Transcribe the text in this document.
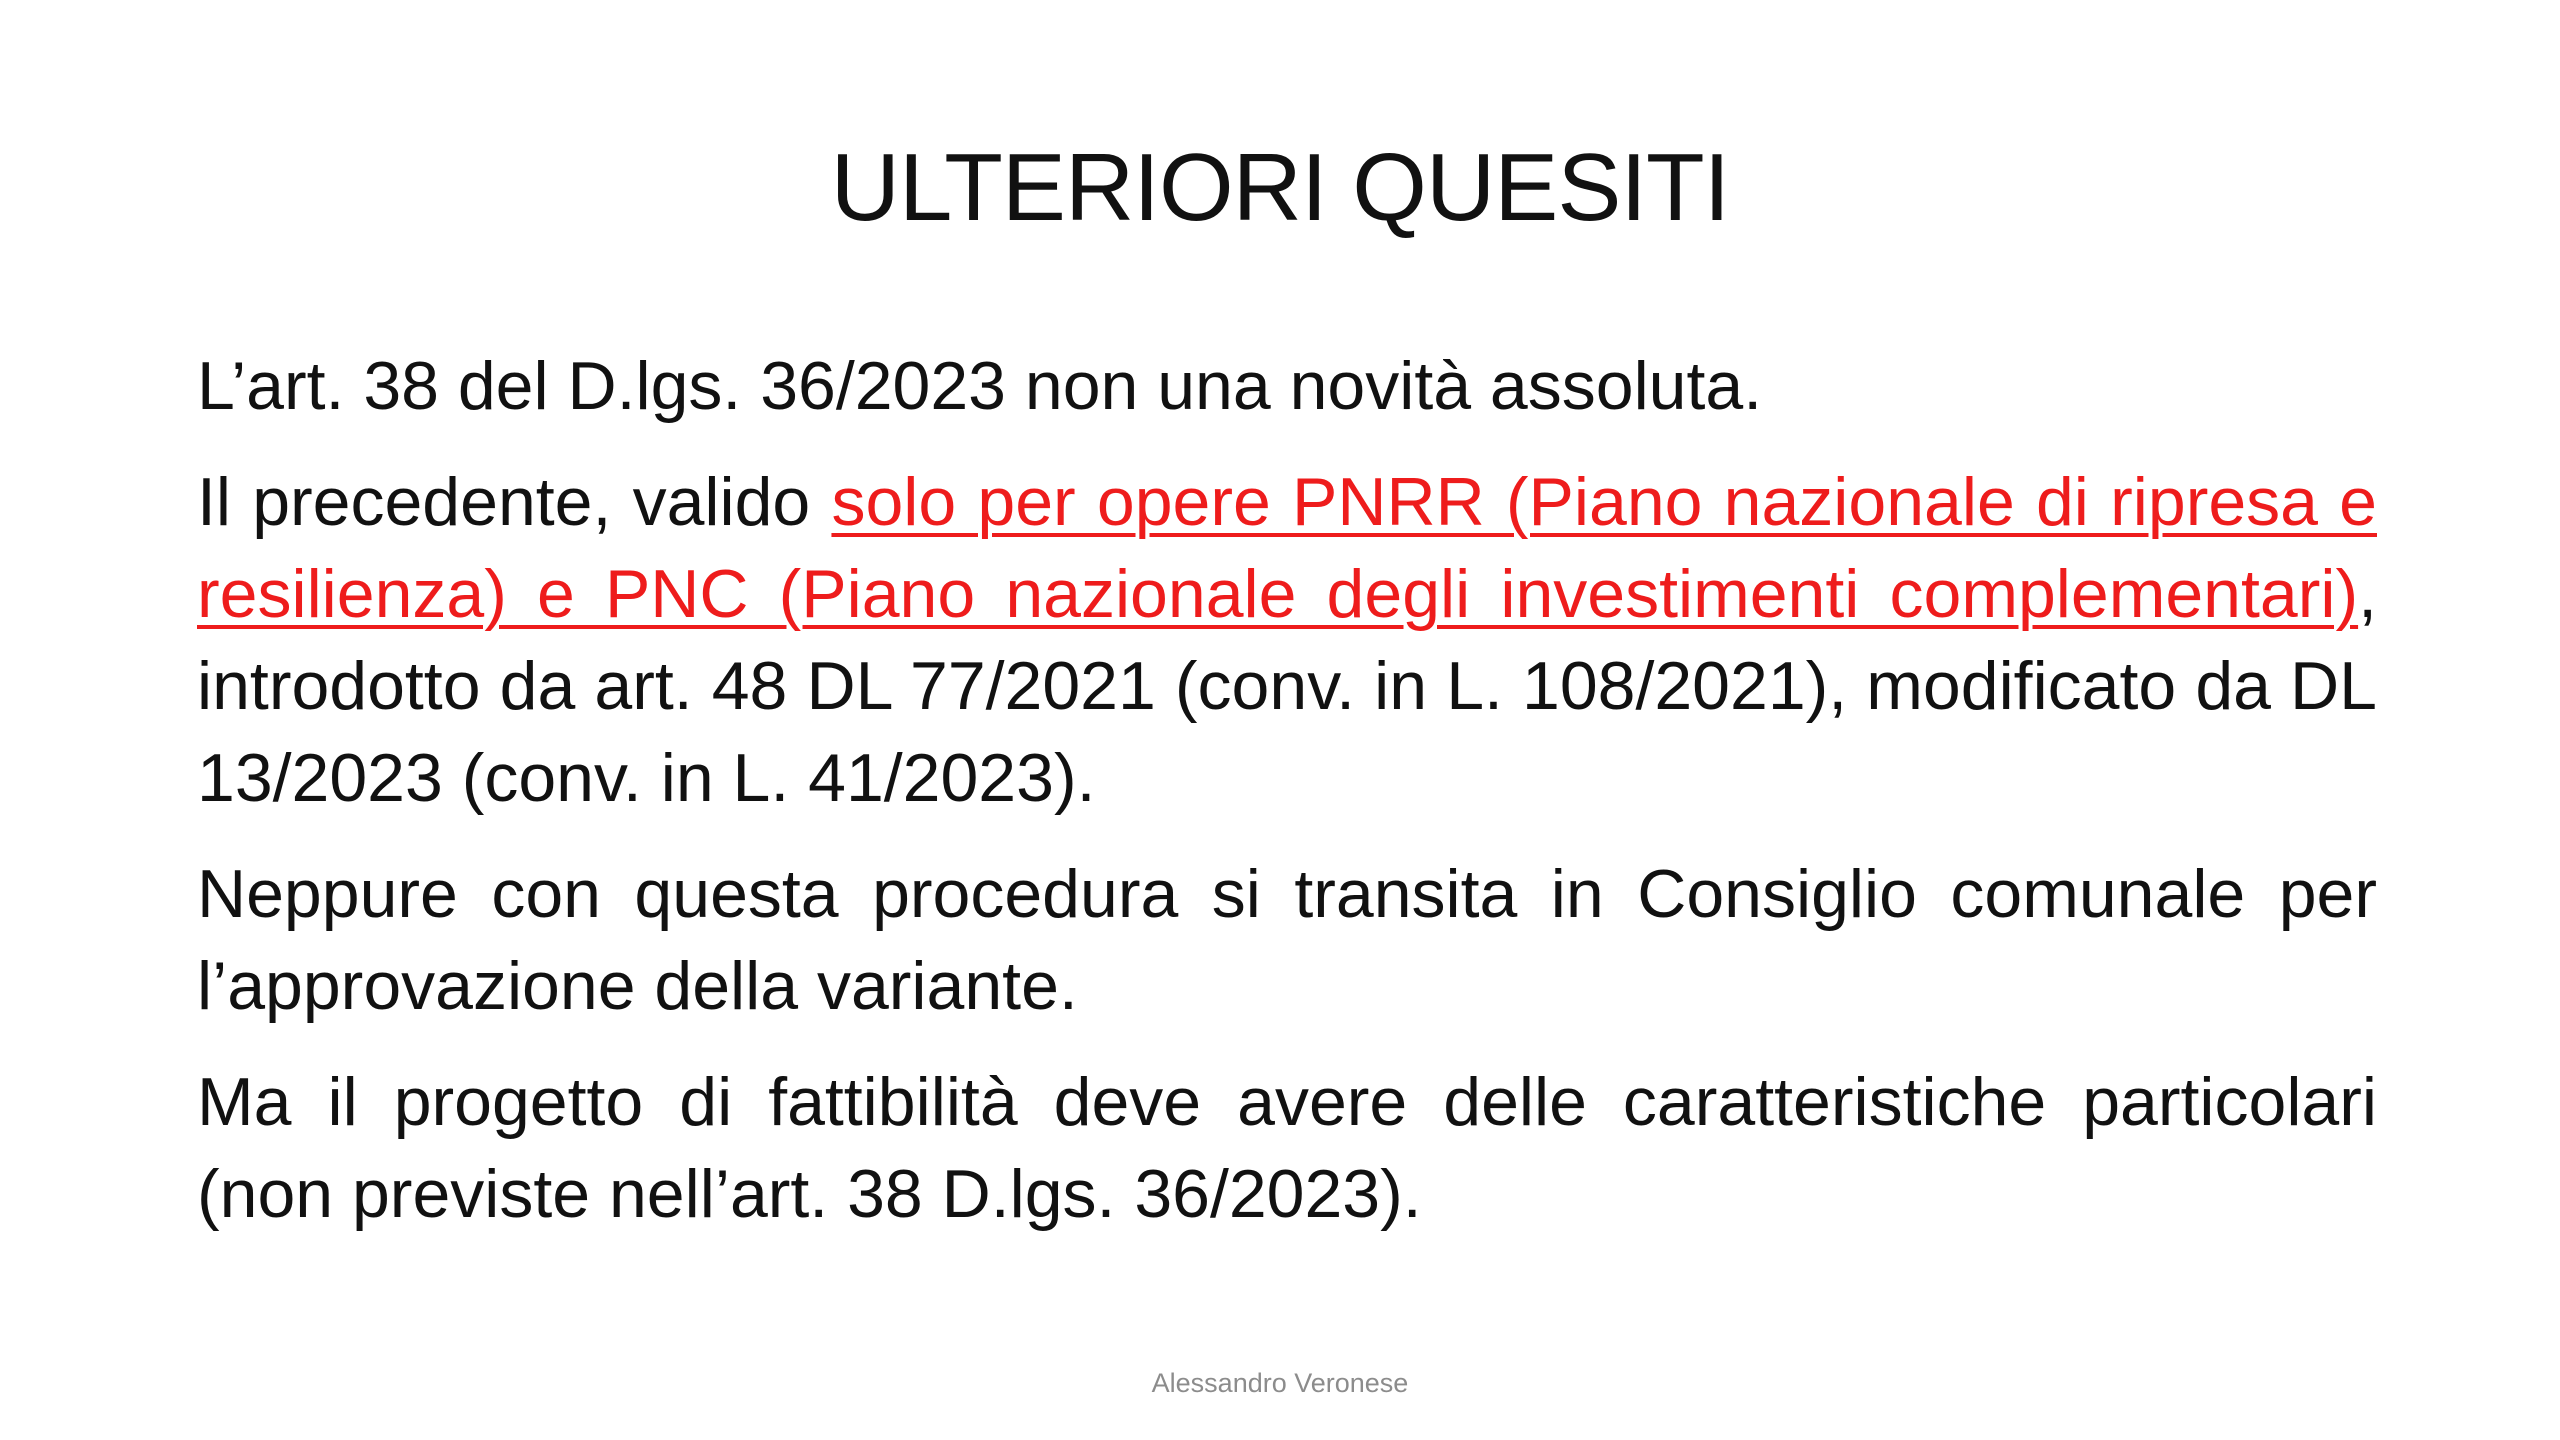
ULTERIORI QUESITI

L’art. 38 del D.lgs. 36/2023 non una novità assoluta.

Il precedente, valido solo per opere PNRR (Piano nazionale di ripresa e resilienza) e PNC (Piano nazionale degli investimenti complementari), introdotto da art. 48 DL 77/2021 (conv. in L. 108/2021), modificato da DL 13/2023 (conv. in L. 41/2023).

Neppure con questa procedura si transita in Consiglio comunale per l’approvazione della variante.

Ma il progetto di fattibilità deve avere delle caratteristiche particolari (non previste nell’art. 38 D.lgs. 36/2023).

Alessandro Veronese
